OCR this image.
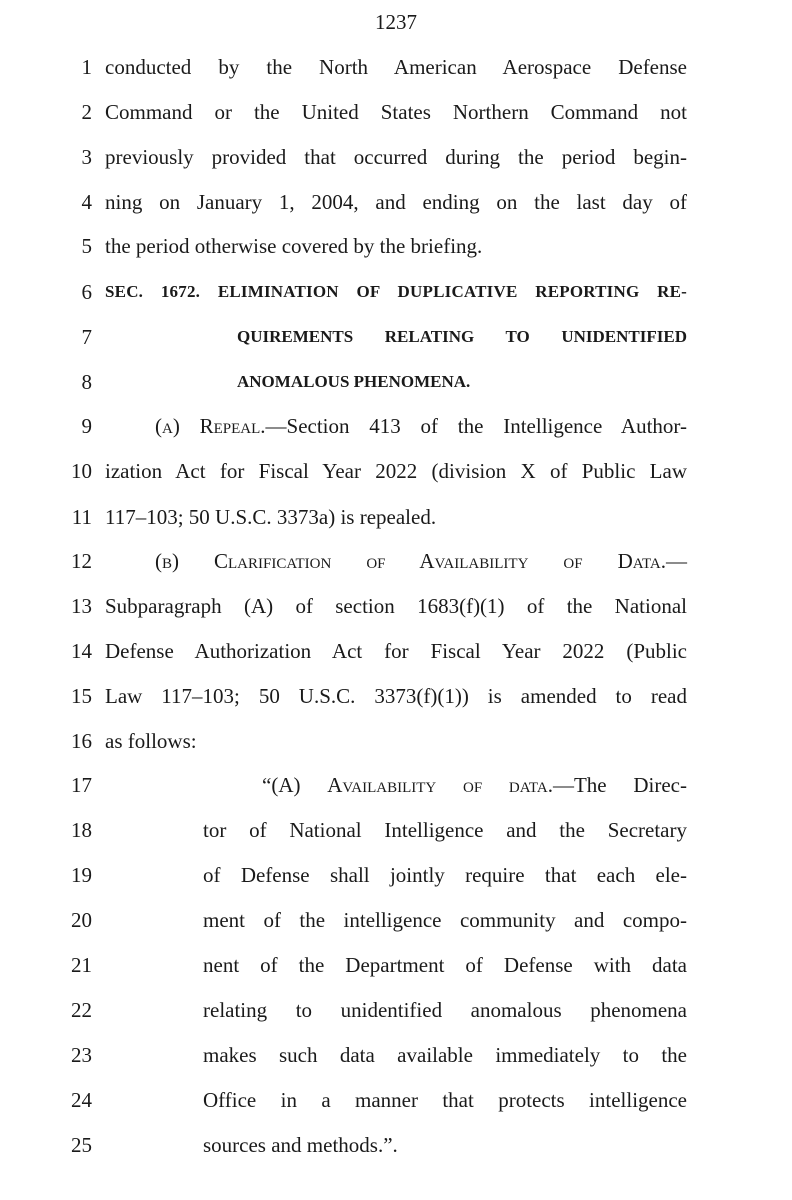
1237
1 conducted by the North American Aerospace Defense
2 Command or the United States Northern Command not
3 previously provided that occurred during the period begin-
4 ning on January 1, 2004, and ending on the last day of
5 the period otherwise covered by the briefing.
6 SEC. 1672. ELIMINATION OF DUPLICATIVE REPORTING RE-
7	QUIREMENTS RELATING TO UNIDENTIFIED
8	ANOMALOUS PHENOMENA.
9	(a) Repeal.—Section 413 of the Intelligence Author-
10 ization Act for Fiscal Year 2022 (division X of Public Law
11 117–103; 50 U.S.C. 3373a) is repealed.
12	(b) Clarification of Availability of Data.—
13 Subparagraph (A) of section 1683(f)(1) of the National
14 Defense Authorization Act for Fiscal Year 2022 (Public
15 Law 117–103; 50 U.S.C. 3373(f)(1)) is amended to read
16 as follows:
17	“(A) Availability of data.—The Direc-
18	tor of National Intelligence and the Secretary
19	of Defense shall jointly require that each ele-
20	ment of the intelligence community and compo-
21	nent of the Department of Defense with data
22	relating to unidentified anomalous phenomena
23	makes such data available immediately to the
24	Office in a manner that protects intelligence
25	sources and methods.”.
